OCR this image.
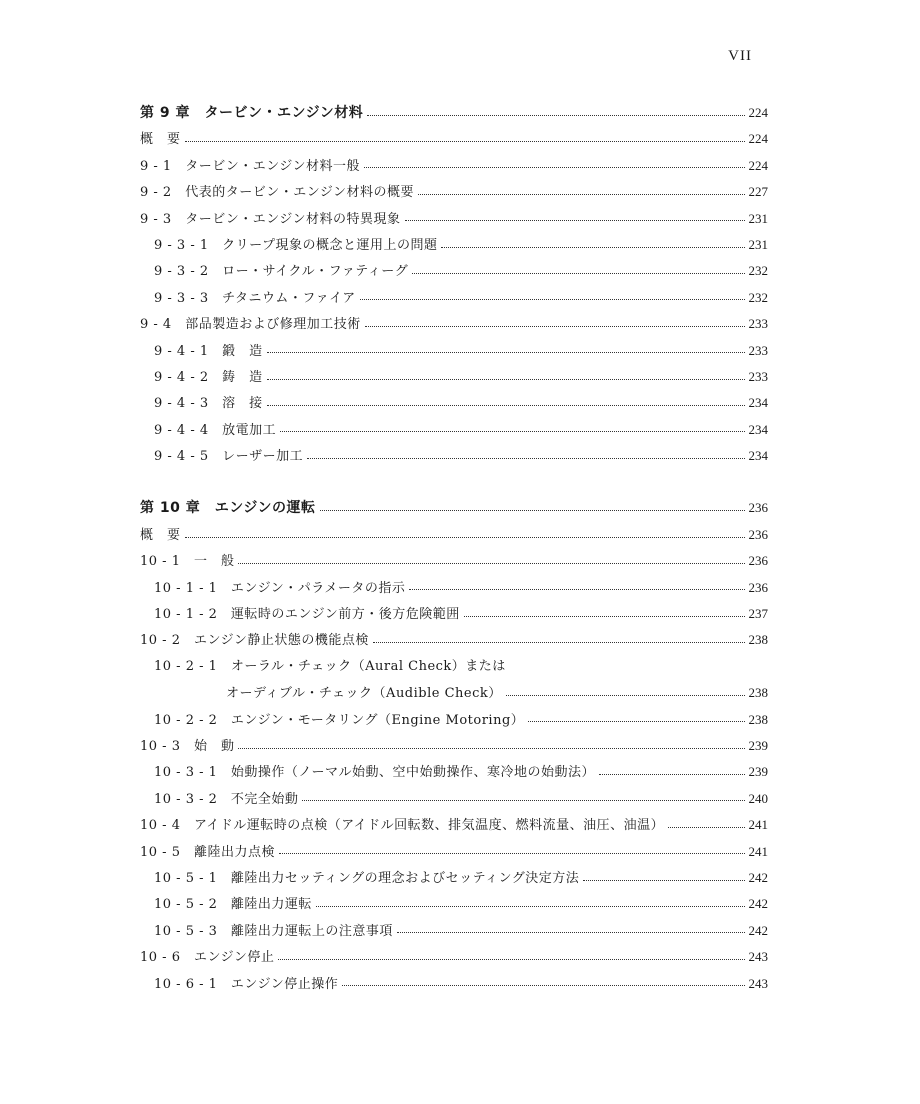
VII
第 9 章　タービン・エンジン材料	224
概　要	224
9 - 1　タービン・エンジン材料一般	224
9 - 2　代表的タービン・エンジン材料の概要	227
9 - 3　タービン・エンジン材料の特異現象	231
9 - 3 - 1　クリープ現象の概念と運用上の問題	231
9 - 3 - 2　ロー・サイクル・ファティーグ	232
9 - 3 - 3　チタニウム・ファイア	232
9 - 4　部品製造および修理加工技術	233
9 - 4 - 1　鍛　造	233
9 - 4 - 2　鋳　造	233
9 - 4 - 3　溶　接	234
9 - 4 - 4　放電加工	234
9 - 4 - 5　レーザー加工	234
第 10 章　エンジンの運転	236
概　要	236
10 - 1　一　般	236
10 - 1 - 1　エンジン・パラメータの指示	236
10 - 1 - 2　運転時のエンジン前方・後方危険範囲	237
10 - 2　エンジン静止状態の機能点検	238
10 - 2 - 1　オーラル・チェック（Aural Check）または
オーディブル・チェック（Audible Check）	238
10 - 2 - 2　エンジン・モータリング（Engine Motoring）	238
10 - 3　始　動	239
10 - 3 - 1　始動操作（ノーマル始動、空中始動操作、寒冷地の始動法）	239
10 - 3 - 2　不完全始動	240
10 - 4　アイドル運転時の点検（アイドル回転数、排気温度、燃料流量、油圧、油温）	241
10 - 5　離陸出力点検	241
10 - 5 - 1　離陸出力セッティングの理念およびセッティング決定方法	242
10 - 5 - 2　離陸出力運転	242
10 - 5 - 3　離陸出力運転上の注意事項	242
10 - 6　エンジン停止	243
10 - 6 - 1　エンジン停止操作	243
